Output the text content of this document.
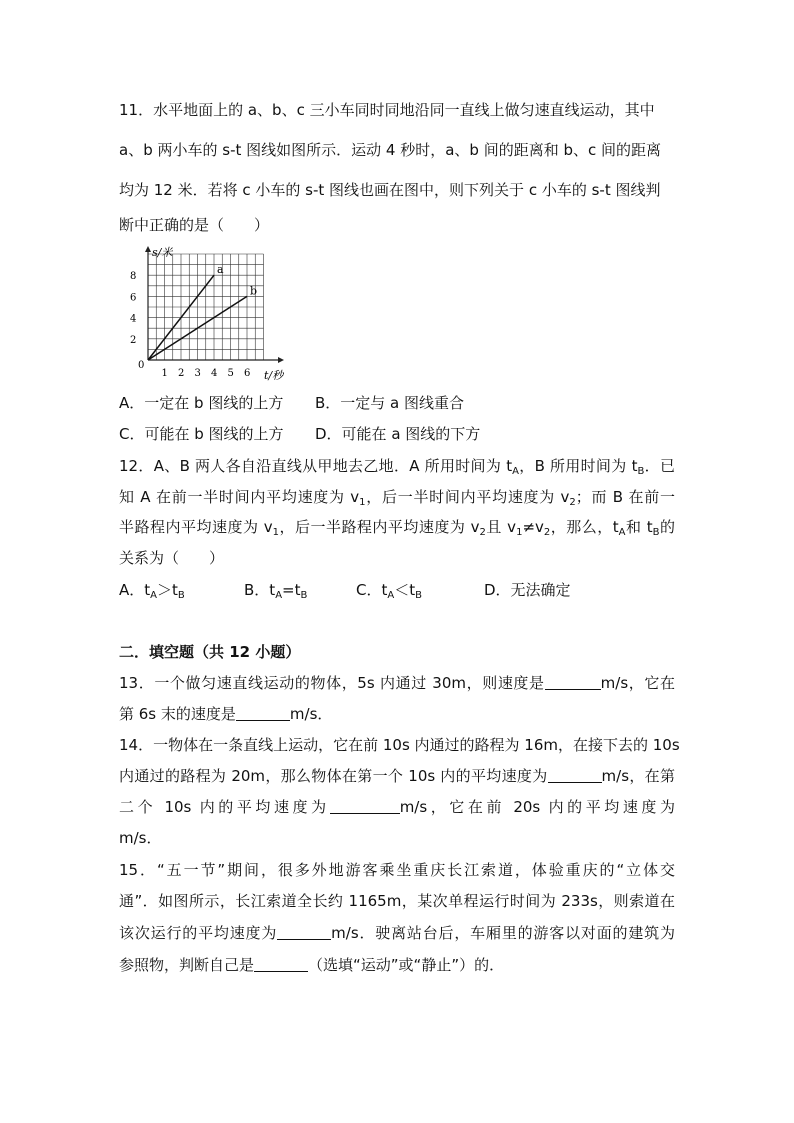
11．水平地面上的 a、b、c 三小车同时同地沿同一直线上做匀速直线运动，其中
a、b 两小车的 s-t 图线如图所示．运动 4 秒时，a、b 间的距离和 b、c 间的距离
均为 12 米．若将 c 小车的 s-t 图线也画在图中，则下列关于 c 小车的 s-t 图线判
断中正确的是（　　）
1 2 3 4 5 6
2
4
6
8
a
b
s/米
t/秒
0
A．一定在 b 图线的上方 B．一定与 a 图线重合
C．可能在 b 图线的上方 D．可能在 a 图线的下方
12．A、B 两人各自沿直线从甲地去乙地．A 所用时间为 $t_A$，B 所用时间为 $t_B$．已
知 A 在前一半时间内平均速度为 $v_1$，后一半时间内平均速度为 $v_2$；而 B 在前一
半路程内平均速度为 $v_1$，后一半路程内平均速度为 $v_2$且 $v_1\ne v_2$，那么，$t_A$和 $t_B$的
关系为（　　）
A．$t_A>t_B$	B．$t_A=t_B$	C．$t_A<t_B$	D．无法确定
二．填空题（共 12 小题）
13．一个做匀速直线运动的物体，5s 内通过 30m，则速度是	m/s，它在
第 6s 末的速度是	m/s．
14．一物体在一条直线上运动，它在前 10s 内通过的路程为 16m，在接下去的 10s
内通过的路程为 20m，那么物体在第一个 10s 内的平均速度为	m/s，在第
二个 10s 内的平均速度为	m/s，它在前 20s 内的平均速度为
m/s．
15．“五一节”期间，很多外地游客乘坐重庆长江索道，体验重庆的“立体交
通”．如图所示，长江索道全长约 1165m，某次单程运行时间为 233s，则索道在
该次运行的平均速度为	m/s．驶离站台后，车厢里的游客以对面的建筑为
参照物，判断自己是	（选填“运动”或“静止”）的．
